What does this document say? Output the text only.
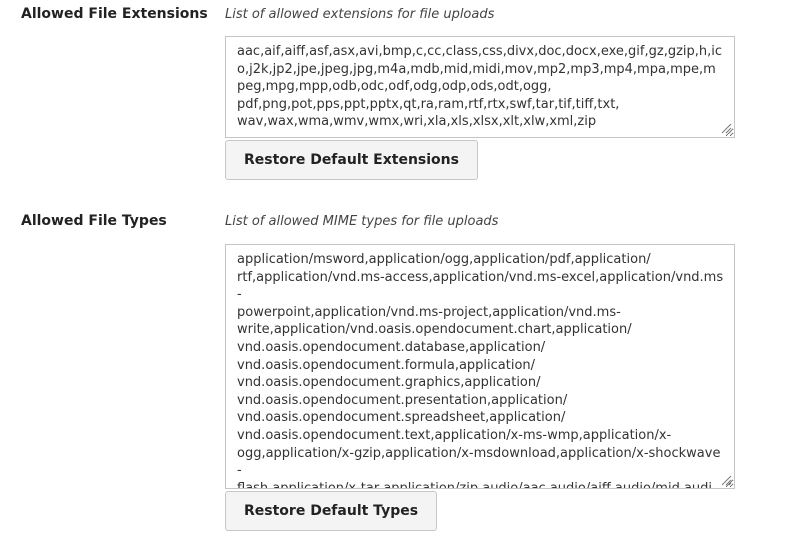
Allowed File Extensions List of allowed extensions for file uploads
aac,aif,aiff,asf,asx,avi,bmp,c,cc,class,css,divx,doc,docx,exe,gif,gz,gzip,h,ico,j2k,jp2,jpe,jpeg,jpg,m4a,mdb,mid,midi,mov,mp2,mp3,mp4,mpa,mpe,mpeg,mpg,mpp,odb,odc,odf,odg,odp,ods,odt,ogg, pdf,png,pot,pps,ppt,pptx,qt,ra,ram,rtf,rtx,swf,tar,tif,tiff,txt, wav,wax,wma,wmv,wmx,wri,xla,xls,xlsx,xlt,xlw,xml,zip
Restore Default Extensions
Allowed File Types	List of allowed MIME types for file uploads
application/msword,application/ogg,application/pdf,application/ rtf,application/vnd.ms-access,application/vnd.ms-excel,application/vnd.ms- powerpoint,application/vnd.ms-project,application/vnd.ms- write,application/vnd.oasis.opendocument.chart,application/ vnd.oasis.opendocument.database,application/ vnd.oasis.opendocument.formula,application/ vnd.oasis.opendocument.graphics,application/ vnd.oasis.opendocument.presentation,application/ vnd.oasis.opendocument.spreadsheet,application/ vnd.oasis.opendocument.text,application/x-ms-wmp,application/x- ogg,application/x-gzip,application/x-msdownload,application/x-shockwave- flash,application/x-tar,application/zip,audio/aac,audio/aiff,audio/mid,audio/ midi,audio/mp3,audio/mp4,audio/mpeg,audio/mpeg3,audio/ogg,audio/
Restore Default Types
